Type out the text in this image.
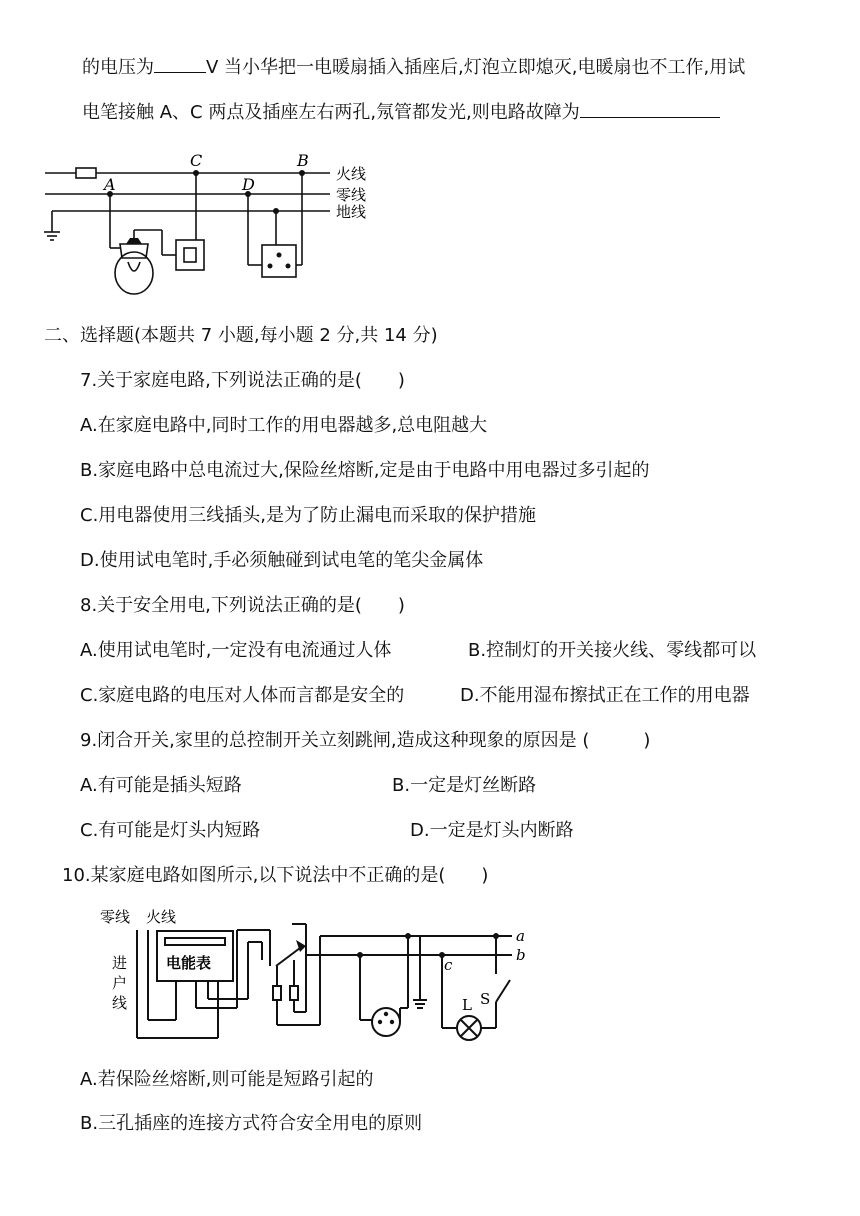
的电压为	V 当小华把一电暖扇插入插座后,灯泡立即熄灭,电暖扇也不工作,用试
电笔接触 A、C 两点及插座左右两孔,氖管都发光,则电路故障为
A
C
D
B
火线
零线
地线
二、选择题(本题共 7 小题,每小题 2 分,共 14 分)
7.关于家庭电路,下列说法正确的是(　　)
A.在家庭电路中,同时工作的用电器越多,总电阻越大
B.家庭电路中总电流过大,保险丝熔断,定是由于电路中用电器过多引起的
C.用电器使用三线插头,是为了防止漏电而采取的保护措施
D.使用试电笔时,手必须触碰到试电笔的笔尖金属体
8.关于安全用电,下列说法正确的是(　　)
A.使用试电笔时,一定没有电流通过人体	B.控制灯的开关接火线、零线都可以
C.家庭电路的电压对人体而言都是安全的	D.不能用湿布擦拭正在工作的用电器
9.闭合开关,家里的总控制开关立刻跳闸,造成这种现象的原因是 (　　　)
A.有可能是插头短路	B.一定是灯丝断路
C.有可能是灯头内短路	D.一定是灯头内断路
10.某家庭电路如图所示,以下说法中不正确的是(　　)
零线 火线
进
户
线
电能表
a
b
c
S
L
A.若保险丝熔断,则可能是短路引起的
B.三孔插座的连接方式符合安全用电的原则
